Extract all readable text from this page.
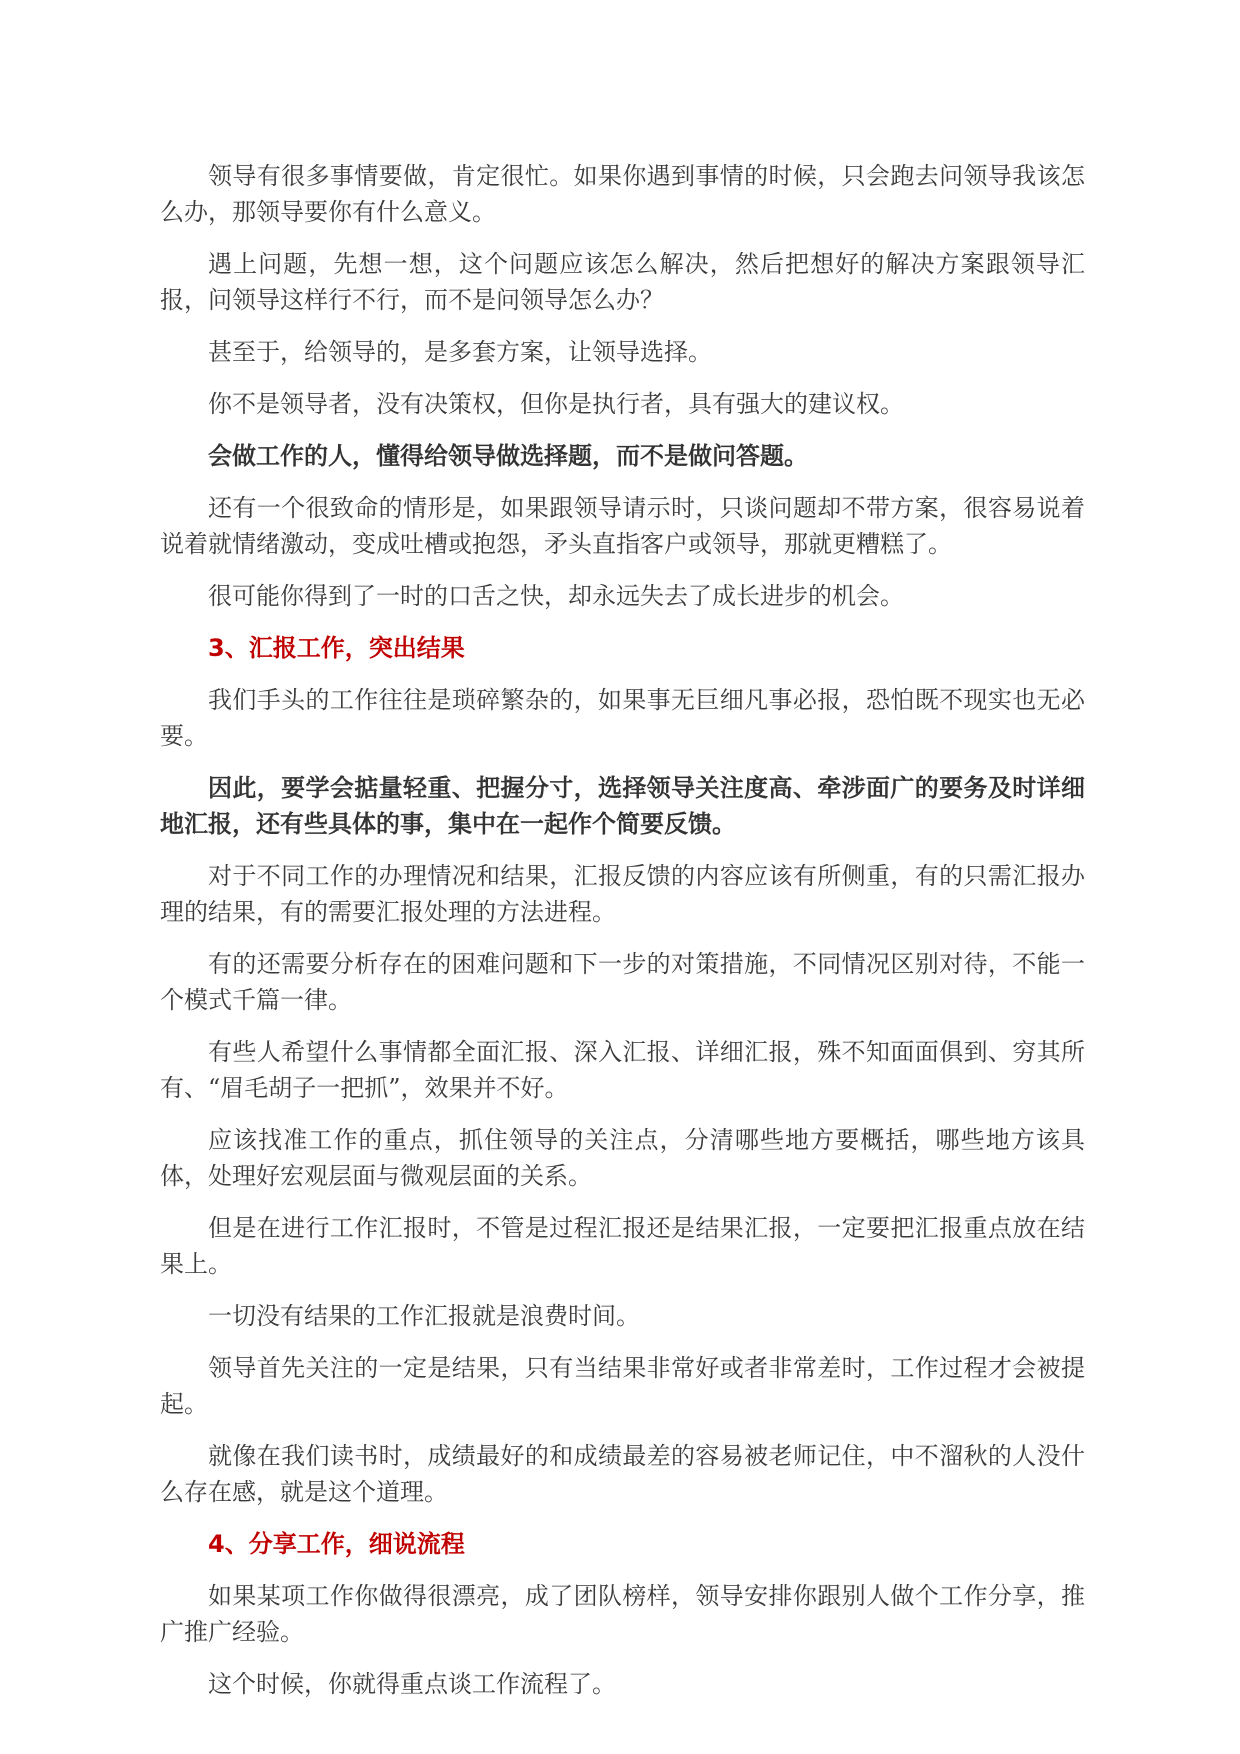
领导有很多事情要做，肯定很忙。如果你遇到事情的时候，只会跑去问领导我该怎么办，那领导要你有什么意义。

遇上问题，先想一想，这个问题应该怎么解决，然后把想好的解决方案跟领导汇报，问领导这样行不行，而不是问领导怎么办？

甚至于，给领导的，是多套方案，让领导选择。

你不是领导者，没有决策权，但你是执行者，具有强大的建议权。

会做工作的人，懂得给领导做选择题，而不是做问答题。

还有一个很致命的情形是，如果跟领导请示时，只谈问题却不带方案，很容易说着说着就情绪激动，变成吐槽或抱怨，矛头直指客户或领导，那就更糟糕了。

很可能你得到了一时的口舌之快，却永远失去了成长进步的机会。

3、汇报工作，突出结果

我们手头的工作往往是琐碎繁杂的，如果事无巨细凡事必报，恐怕既不现实也无必要。

因此，要学会掂量轻重、把握分寸，选择领导关注度高、牵涉面广的要务及时详细地汇报，还有些具体的事，集中在一起作个简要反馈。

对于不同工作的办理情况和结果，汇报反馈的内容应该有所侧重，有的只需汇报办理的结果，有的需要汇报处理的方法进程。

有的还需要分析存在的困难问题和下一步的对策措施，不同情况区别对待，不能一个模式千篇一律。

有些人希望什么事情都全面汇报、深入汇报、详细汇报，殊不知面面俱到、穷其所有、“眉毛胡子一把抓”，效果并不好。

应该找准工作的重点，抓住领导的关注点，分清哪些地方要概括，哪些地方该具体，处理好宏观层面与微观层面的关系。

但是在进行工作汇报时，不管是过程汇报还是结果汇报，一定要把汇报重点放在结果上。

一切没有结果的工作汇报就是浪费时间。

领导首先关注的一定是结果，只有当结果非常好或者非常差时，工作过程才会被提起。

就像在我们读书时，成绩最好的和成绩最差的容易被老师记住，中不溜秋的人没什么存在感，就是这个道理。

4、分享工作，细说流程

如果某项工作你做得很漂亮，成了团队榜样，领导安排你跟别人做个工作分享，推广推广经验。

这个时候，你就得重点谈工作流程了。
